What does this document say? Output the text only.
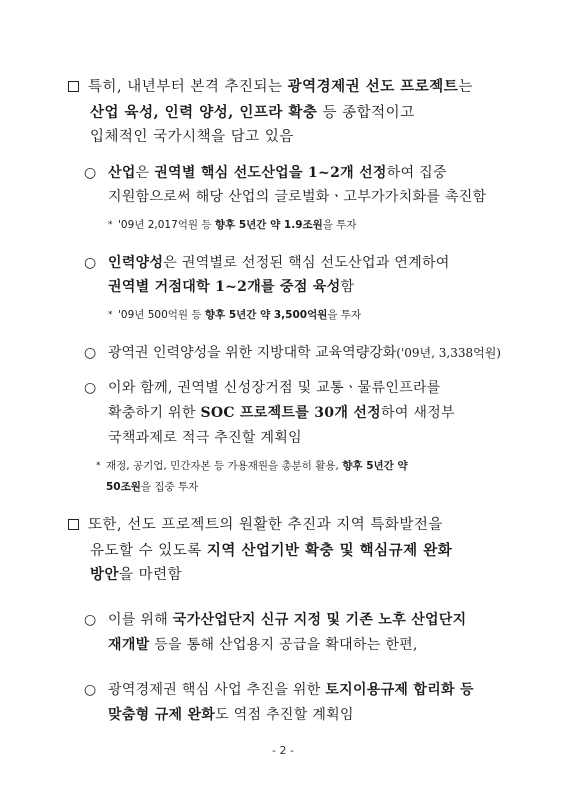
특히, 내년부터 본격 추진되는 광역경제권 선도 프로젝트는
산업 육성, 인력 양성, 인프라 확충 등 종합적이고
입체적인 국가시책을 담고 있음
○ 산업은 권역별 핵심 선도산업을 1~2개 선정하여 집중
지원함으로써 해당 산업의 글로벌화ㆍ고부가가치화를 촉진함
* '09년 2,017억원 등 향후 5년간 약 1.9조원을 투자
○ 인력양성은 권역별로 선정된 핵심 선도산업과 연계하여
권역별 거점대학 1~2개를 중점 육성함
* '09년 500억원 등 향후 5년간 약 3,500억원을 투자
○ 광역권 인력양성을 위한 지방대학 교육역량강화('09년, 3,338억원)
○ 이와 함께, 권역별 신성장거점 및 교통ㆍ물류인프라를
확충하기 위한 SOC 프로젝트를 30개 선정하여 새정부
국책과제로 적극 추진할 계획임
* 재정, 공기업, 민간자본 등 가용재원을 총분히 활용, 향후 5년간 약
50조원을 집중 투자
또한, 선도 프로젝트의 원활한 추진과 지역 특화발전을
유도할 수 있도록 지역 산업기반 확충 및 핵심규제 완화
방안을 마련함
○ 이를 위해 국가산업단지 신규 지정 및 기존 노후 산업단지
재개발 등을 통해 산업용지 공급을 확대하는 한편,
○ 광역경제권 핵심 사업 추진을 위한 토지이용규제 합리화 등
맞춤형 규제 완화도 역점 추진할 계획임
- 2 -
